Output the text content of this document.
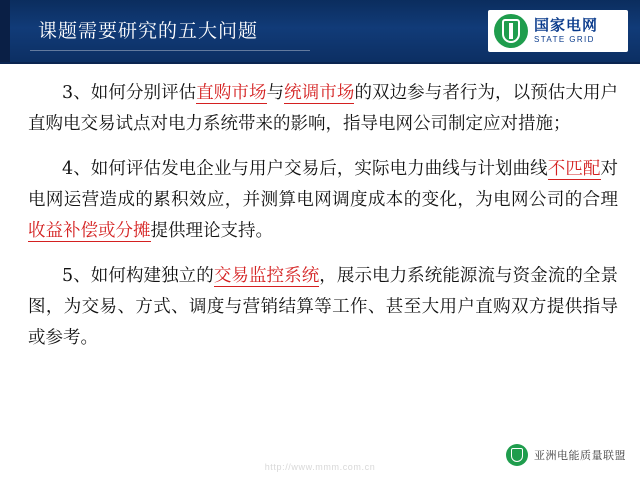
课题需要研究的五大问题	国家电网
STATE GRID

3、如何分别评估直购市场与统调市场的双边参与者行为，以预估大用户直购电交易试点对电力系统带来的影响，指导电网公司制定应对措施；

4、如何评估发电企业与用户交易后，实际电力曲线与计划曲线不匹配对电网运营造成的累积效应，并测算电网调度成本的变化，为电网公司的合理收益补偿或分摊提供理论支持。

5、如何构建独立的交易监控系统，展示电力系统能源流与资金流的全景图，为交易、方式、调度与营销结算等工作、甚至大用户直购双方提供指导或参考。

亚洲电能质量联盟
http://www.mmm.com.cn
